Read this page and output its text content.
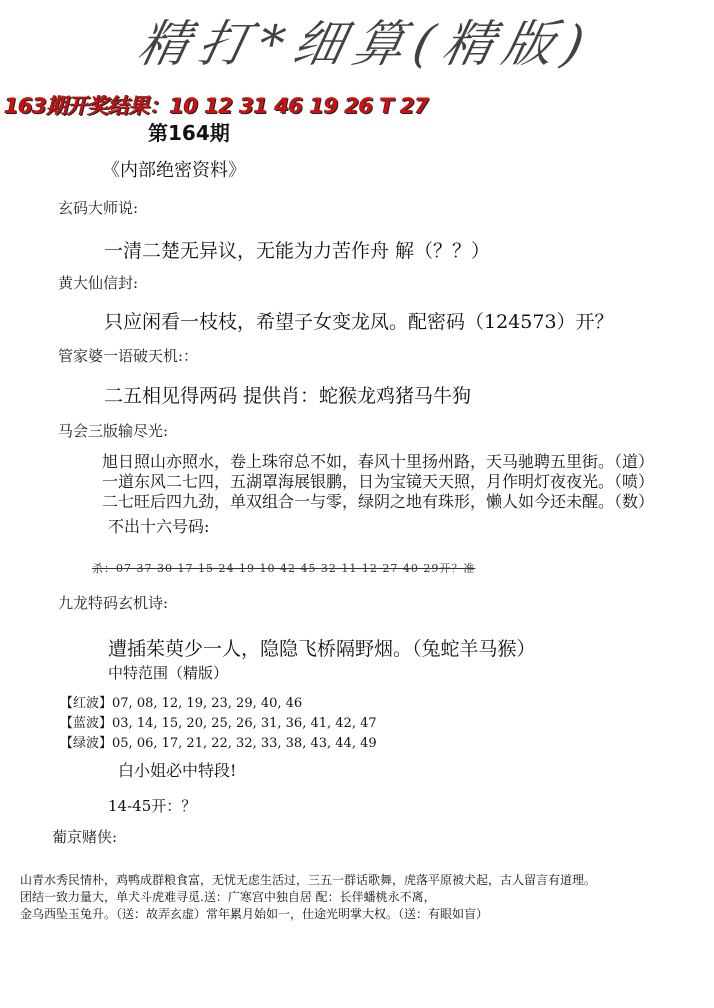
精打*细算(精版)
163期开奖结果：10 12 31 46 19 26 T 27
第164期
《内部绝密资料》
玄码大师说:
一清二楚无异议，无能为力苦作舟 解（？？）
黄大仙信封:
只应闲看一枝枝，希望子女变龙凤。配密码（124573）开？
管家婆一语破天机:：
二五相见得两码 提供肖：蛇猴龙鸡猪马牛狗
马会三版输尽光:
旭日照山亦照水，卷上珠帘总不如，春风十里扬州路，天马驰聘五里街。（道）
一道东风二七四，五湖罩海展银鹏，日为宝镜天天照，月作明灯夜夜光。（喷）
二七旺后四九劲，单双组合一与零，绿阴之地有珠形，懒人如今还未醒。（数）
不出十六号码:
杀：07 37 30 17 15 24 19 10 42 45 32 11 12 27 40 29开？准
九龙特码玄机诗:
遭插茱萸少一人，隐隐飞桥隔野烟。（兔蛇羊马猴）
中特范围（精版）
【红波】07, 08, 12, 19, 23, 29, 40, 46
【蓝波】03, 14, 15, 20, 25, 26, 31, 36, 41, 42, 47
【绿波】05, 06, 17, 21, 22, 32, 33, 38, 43, 44, 49
白小姐必中特段!
14-45开：？
葡京赌侠:
山青水秀民情朴，鸡鸭成群粮食富，无忧无虑生活过，三五一群话歌舞，虎落平原被犬起，古人留言有道理。
团结一致力量大，单犬斗虎难寻觅.送：广寒宫中独自居 配：长伴蟠桃永不离，
金乌西坠玉兔升。（送：故弄玄虚）常年累月始如一，仕途光明掌大权。（送：有眼如盲）
